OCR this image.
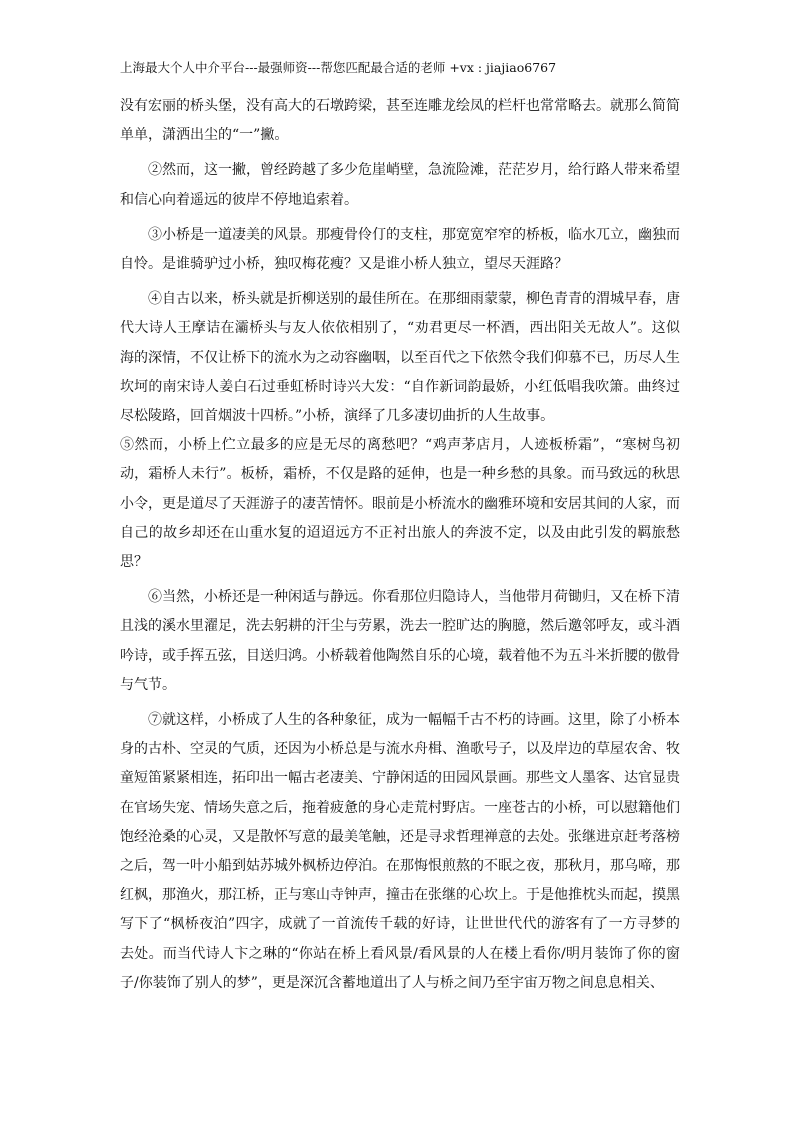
上海最大个人中介平台---最强师资---帮您匹配最合适的老师 +vx : jiajiao6767

没有宏丽的桥头堡，没有高大的石墩跨梁，甚至连雕龙绘凤的栏杆也常常略去。就那么简简单单，潇洒出尘的“一”撇。

②然而，这一撇，曾经跨越了多少危崖峭壁，急流险滩，茫茫岁月，给行路人带来希望和信心向着遥远的彼岸不停地追索着。

③小桥是一道凄美的风景。那瘦骨伶仃的支柱，那宽宽窄窄的桥板，临水兀立，幽独而自怜。是谁骑驴过小桥，独叹梅花瘦？又是谁小桥人独立，望尽天涯路？

④自古以来，桥头就是折柳送别的最佳所在。在那细雨蒙蒙，柳色青青的渭城早春，唐代大诗人王摩诘在灞桥头与友人依依相别了，“劝君更尽一杯酒，西出阳关无故人”。这似海的深情，不仅让桥下的流水为之动容幽咽，以至百代之下依然令我们仰慕不已，历尽人生坎坷的南宋诗人姜白石过垂虹桥时诗兴大发：“自作新词韵最娇，小红低唱我吹箫。曲终过尽松陵路，回首烟波十四桥。”小桥，演绎了几多凄切曲折的人生故事。

⑤然而，小桥上伫立最多的应是无尽的离愁吧？“鸡声茅店月，人迹板桥霜”，“寒树鸟初动，霜桥人未行”。板桥，霜桥，不仅是路的延伸，也是一种乡愁的具象。而马致远的秋思小令，更是道尽了天涯游子的凄苦情怀。眼前是小桥流水的幽雅环境和安居其间的人家，而自己的故乡却还在山重水复的迢迢远方不正衬出旅人的奔波不定，以及由此引发的羁旅愁思？

⑥当然，小桥还是一种闲适与静远。你看那位归隐诗人，当他带月荷锄归，又在桥下清且浅的溪水里濯足，洗去躬耕的汗尘与劳累，洗去一腔旷达的胸臆，然后邀邻呼友，或斗酒吟诗，或手挥五弦，目送归鸿。小桥载着他陶然自乐的心境，载着他不为五斗米折腰的傲骨与气节。

⑦就这样，小桥成了人生的各种象征，成为一幅幅千古不朽的诗画。这里，除了小桥本身的古朴、空灵的气质，还因为小桥总是与流水舟楫、渔歌号子，以及岸边的草屋农舍、牧童短笛紧紧相连，拓印出一幅古老凄美、宁静闲适的田园风景画。那些文人墨客、达官显贵在官场失宠、情场失意之后，拖着疲惫的身心走荒村野店。一座苍古的小桥，可以慰籍他们饱经沧桑的心灵，又是散怀写意的最美笔触，还是寻求哲理禅意的去处。张继进京赶考落榜之后，驾一叶小船到姑苏城外枫桥边停泊。在那悔恨煎熬的不眠之夜，那秋月，那乌啼，那红枫，那渔火，那江桥，正与寒山寺钟声，撞击在张继的心坎上。于是他推枕头而起，摸黑写下了“枫桥夜泊”四字，成就了一首流传千载的好诗，让世世代代的游客有了一方寻梦的去处。而当代诗人卞之琳的“你站在桥上看风景/看风景的人在楼上看你/明月装饰了你的窗子/你装饰了别人的梦”，更是深沉含蓄地道出了人与桥之间乃至宇宙万物之间息息相关、
